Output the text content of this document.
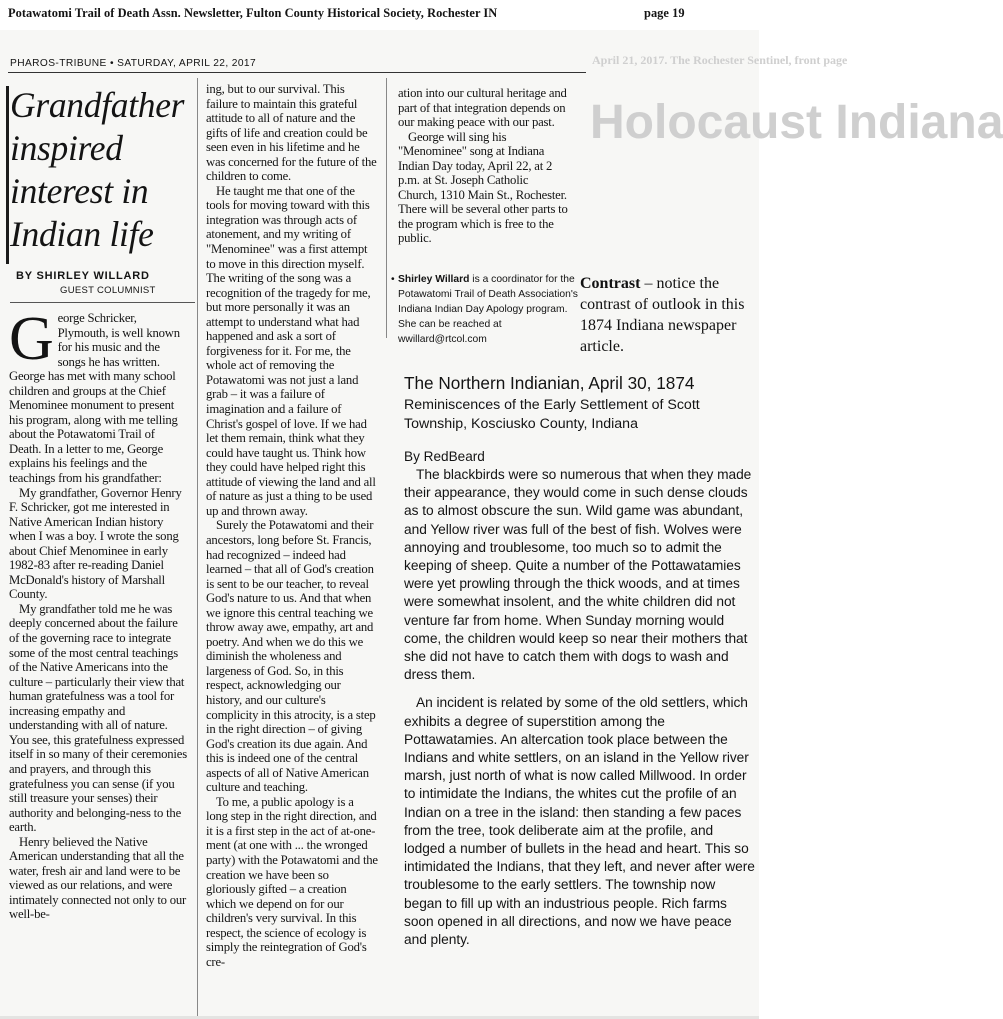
Potawatomi Trail of Death Assn. Newsletter, Fulton County Historical Society, Rochester IN	page 19
April 21, 2017. The Rochester Sentinel, front page
Holocaust Indiana
PHAROS-TRIBUNE • SATURDAY, APRIL 22, 2017
Grandfather inspired interest in Indian life
BY SHIRLEY WILLARD
GUEST COLUMNIST

George Schricker, Plymouth, is well known for his music and the songs he has written. George has met with many school children and groups at the Chief Menominee monument to present his program, along with me telling about the Potawatomi Trail of Death. In a letter to me, George explains his feelings and the teachings from his grandfather:

My grandfather, Governor Henry F. Schricker, got me interested in Native American Indian history when I was a boy. I wrote the song about Chief Menominee in early 1982-83 after re-reading Daniel McDonald's history of Marshall County.

My grandfather told me he was deeply concerned about the failure of the governing race to integrate some of the most central teachings of the Native Americans into the culture – particularly their view that human gratefulness was a tool for increasing empathy and understanding with all of nature. You see, this gratefulness expressed itself in so many of their ceremonies and prayers, and through this gratefulness you can sense (if you still treasure your senses) their authority and belonging-ness to the earth.

Henry believed the Native American understanding that all the water, fresh air and land were to be viewed as our relations, and were intimately connected not only to our well-be-

ing, but to our survival. This failure to maintain this grateful attitude to all of nature and the gifts of life and creation could be seen even in his lifetime and he was concerned for the future of the children to come.

He taught me that one of the tools for moving toward with this integration was through acts of atonement, and my writing of "Menominee" was a first attempt to move in this direction myself. The writing of the song was a recognition of the tragedy for me, but more personally it was an attempt to understand what had happened and ask a sort of forgiveness for it. For me, the whole act of removing the Potawatomi was not just a land grab – it was a failure of imagination and a failure of Christ's gospel of love. If we had let them remain, think what they could have taught us. Think how they could have helped right this attitude of viewing the land and all of nature as just a thing to be used up and thrown away.

Surely the Potawatomi and their ancestors, long before St. Francis, had recognized – indeed had learned – that all of God's creation is sent to be our teacher, to reveal God's nature to us. And that when we ignore this central teaching we throw away awe, empathy, art and poetry. And when we do this we diminish the wholeness and largeness of God. So, in this respect, acknowledging our history, and our culture's complicity in this atrocity, is a step in the right direction – of giving God's creation its due again. And this is indeed one of the central aspects of all of Native American culture and teaching.

To me, a public apology is a long step in the right direction, and it is a first step in the act of at-one-ment (at one with ... the wronged party) with the Potawatomi and the creation we have been so gloriously gifted – a creation which we depend on for our children's very survival. In this respect, the science of ecology is simply the reintegration of God's cre-

ation into our cultural heritage and part of that integration depends on our making peace with our past.

George will sing his "Menominee" song at Indiana Indian Day today, April 22, at 2 p.m. at St. Joseph Catholic Church, 1310 Main St., Rochester. There will be several other parts to the program which is free to the public.

• Shirley Willard is a coordinator for the Potawatomi Trail of Death Association's Indiana Indian Day Apology program. She can be reached at wwillard@rtcol.com
Contrast – notice the contrast of outlook in this 1874 Indiana newspaper article.
The Northern Indianian, April 30, 1874
Reminiscences of the Early Settlement of Scott Township, Kosciusko County, Indiana
By RedBeard

The blackbirds were so numerous that when they made their appearance, they would come in such dense clouds as to almost obscure the sun. Wild game was abundant, and Yellow river was full of the best of fish. Wolves were annoying and troublesome, too much so to admit the keeping of sheep. Quite a number of the Pottawatamies were yet prowling through the thick woods, and at times were somewhat insolent, and the white children did not venture far from home. When Sunday morning would come, the children would keep so near their mothers that she did not have to catch them with dogs to wash and dress them.

An incident is related by some of the old settlers, which exhibits a degree of superstition among the Pottawatamies. An altercation took place between the Indians and white settlers, on an island in the Yellow river marsh, just north of what is now called Millwood. In order to intimidate the Indians, the whites cut the profile of an Indian on a tree in the island: then standing a few paces from the tree, took deliberate aim at the profile, and lodged a number of bullets in the head and heart. This so intimidated the Indians, that they left, and never after were troublesome to the early settlers. The township now began to fill up with an industrious people. Rich farms soon opened in all directions, and now we have peace and plenty.
